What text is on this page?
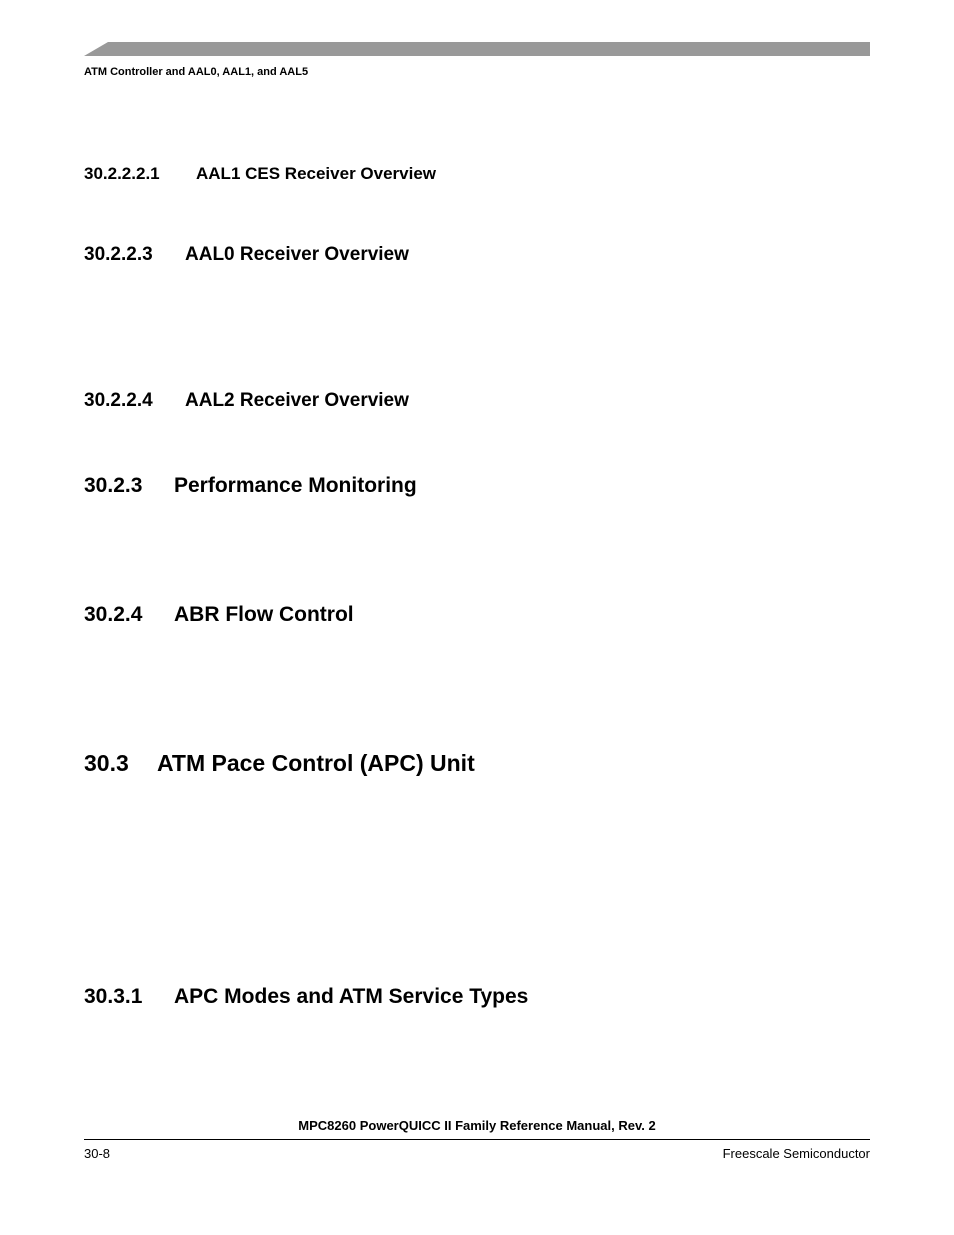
ATM Controller and AAL0, AAL1, and AAL5
30.2.2.2.1 AAL1 CES Receiver Overview
30.2.2.3 AAL0 Receiver Overview
30.2.2.4 AAL2 Receiver Overview
30.2.3 Performance Monitoring
30.2.4 ABR Flow Control
30.3 ATM Pace Control (APC) Unit
30.3.1 APC Modes and ATM Service Types
MPC8260 PowerQUICC II Family Reference Manual, Rev. 2
30-8	Freescale Semiconductor
